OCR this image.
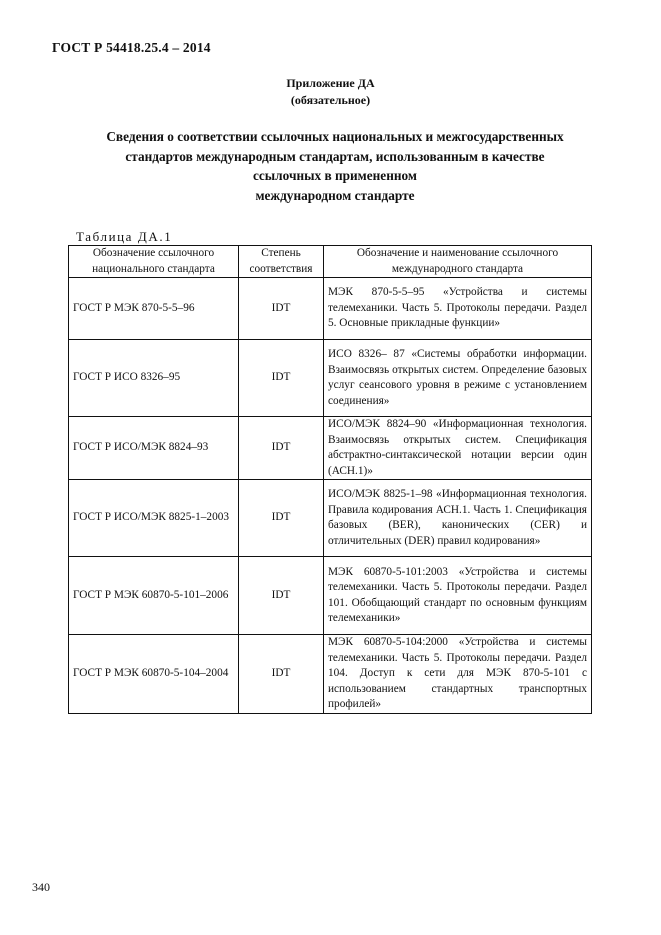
ГОСТ Р 54418.25.4 – 2014
Приложение ДА
(обязательное)
Сведения о соответствии ссылочных национальных и межгосударственных
стандартов международным стандартам, использованным в качестве
ссылочных в примененном
международном стандарте
Таблица ДА.1
Обозначение ссылочного национального стандарта	Степень соответствия	Обозначение и наименование ссылочного международного стандарта
ГОСТ Р МЭК 870-5-5–96	IDT	МЭК 870-5-5–95 «Устройства и системы телемеханики. Часть 5. Протоколы передачи. Раздел 5. Основные прикладные функции»
ГОСТ Р ИСО 8326–95	IDT	ИСО 8326– 87 «Системы обработки информации. Взаимосвязь открытых систем. Определение базовых услуг сеансового уровня в режиме с установлением соединения»
ГОСТ Р ИСО/МЭК 8824–93	IDT	ИСО/МЭК 8824–90 «Информационная технология. Взаимосвязь открытых систем. Спецификация абстрактно-синтаксической нотации версии один (АСН.1)»
ГОСТ Р ИСО/МЭК 8825-1–2003	IDT	ИСО/МЭК 8825-1–98 «Информационная технология. Правила кодирования АСН.1. Часть 1. Спецификация базовых (BER), канонических (CER) и отличительных (DER) правил кодирования»
ГОСТ Р МЭК 60870-5-101–2006	IDT	МЭК 60870-5-101:2003 «Устройства и системы телемеханики. Часть 5. Протоколы передачи. Раздел 101. Обобщающий стандарт по основным функциям телемеханики»
ГОСТ Р МЭК 60870-5-104–2004	IDT	МЭК 60870-5-104:2000 «Устройства и системы телемеханики. Часть 5. Протоколы передачи. Раздел 104. Доступ к сети для МЭК 870-5-101 с использованием стандартных транспортных профилей»
340
